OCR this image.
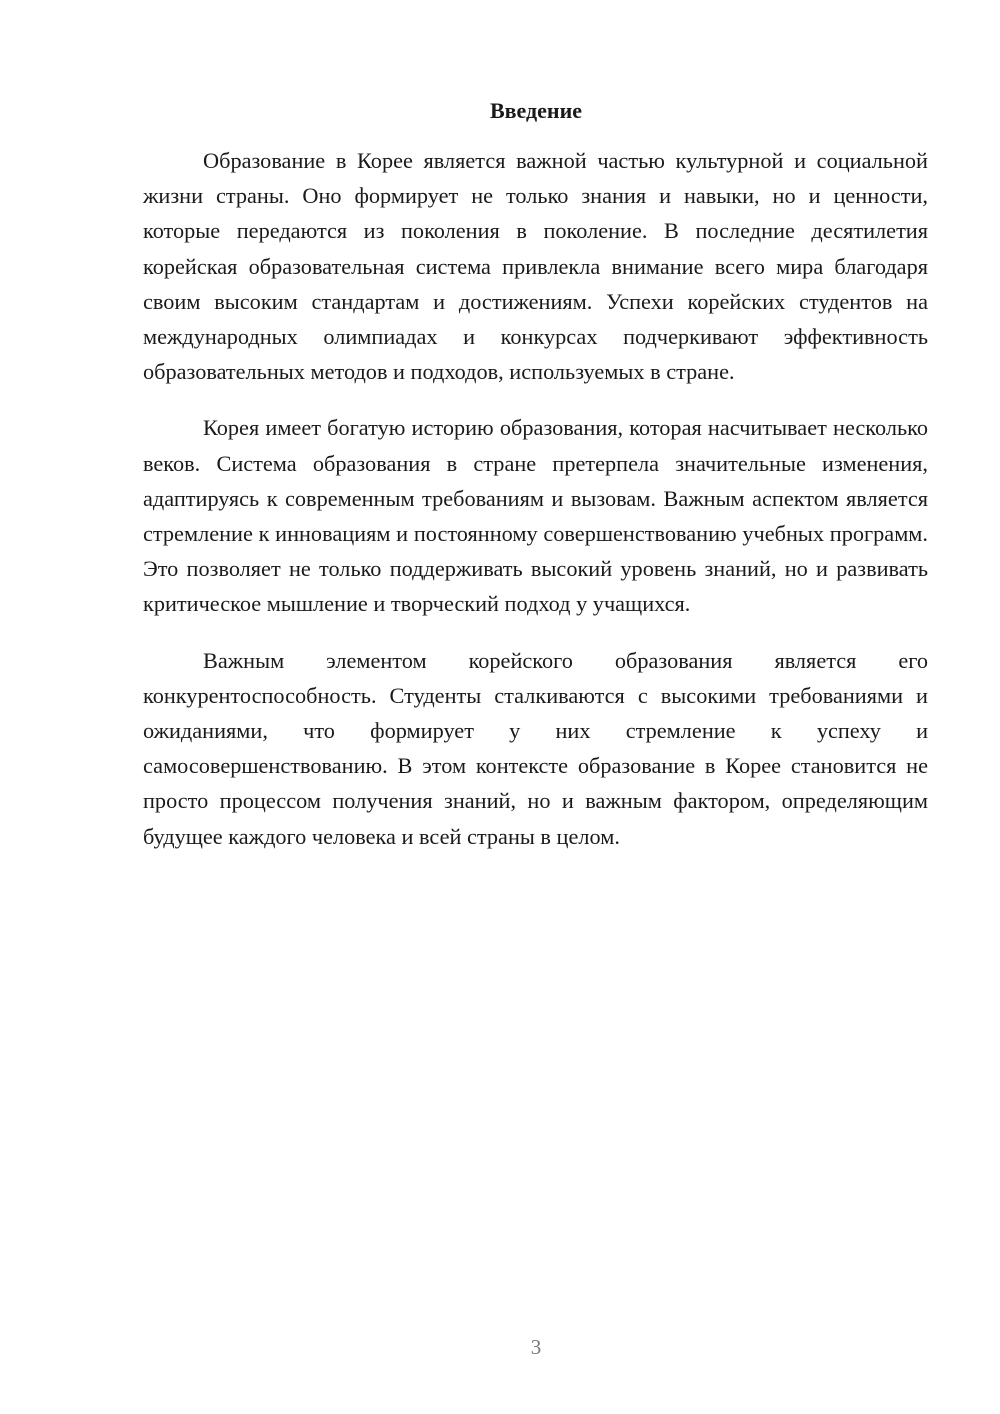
Введение

Образование в Корее является важной частью культурной и социальной жизни страны. Оно формирует не только знания и навыки, но и ценности, которые передаются из поколения в поколение. В последние десятилетия корейская образовательная система привлекла внимание всего мира благодаря своим высоким стандартам и достижениям. Успехи корейских студентов на международных олимпиадах и конкурсах подчеркивают эффективность образовательных методов и подходов, используемых в стране.

Корея имеет богатую историю образования, которая насчитывает несколько веков. Система образования в стране претерпела значительные изменения, адаптируясь к современным требованиям и вызовам. Важным аспектом является стремление к инновациям и постоянному совершенствованию учебных программ. Это позволяет не только поддерживать высокий уровень знаний, но и развивать критическое мышление и творческий подход у учащихся.

Важным элементом корейского образования является его конкурентоспособность. Студенты сталкиваются с высокими требованиями и ожиданиями, что формирует у них стремление к успеху и самосовершенствованию. В этом контексте образование в Корее становится не просто процессом получения знаний, но и важным фактором, определяющим будущее каждого человека и всей страны в целом.

3
